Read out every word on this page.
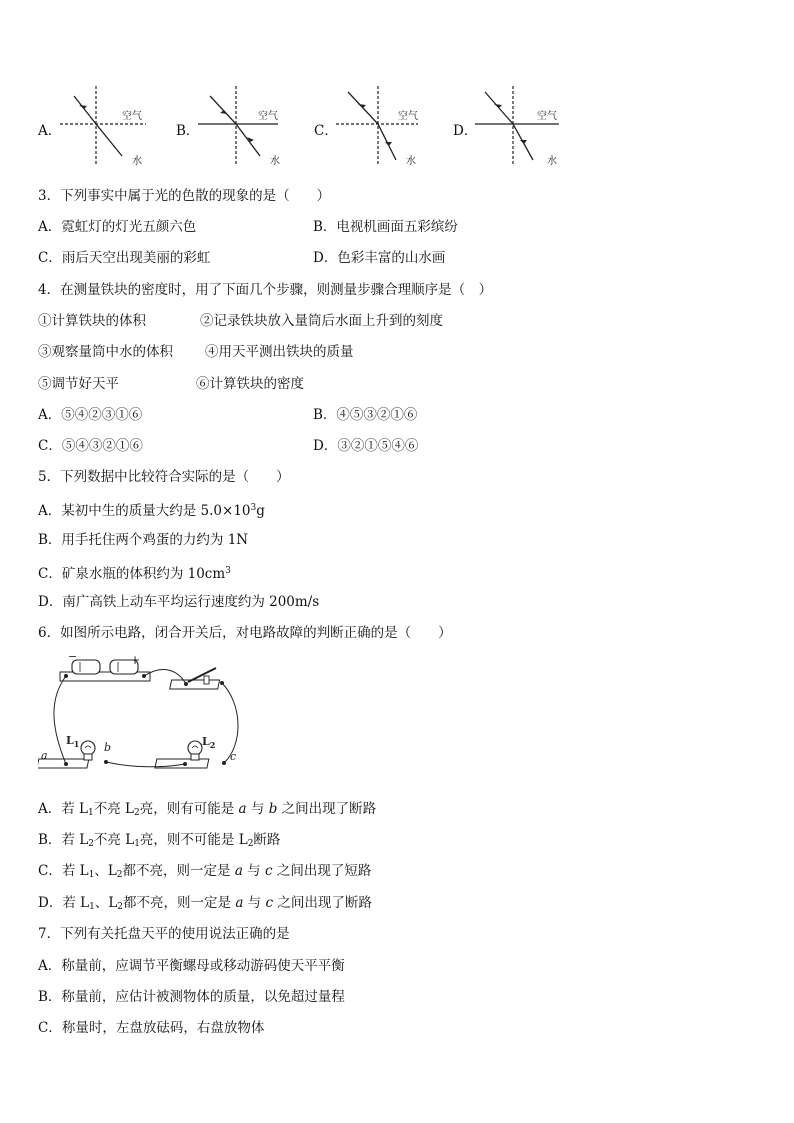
A．
空气
水
B．
空气
水
C．
空气
水
D．
空气
水
3．下列事实中属于光的色散的现象的是（　　）
A．霓虹灯的灯光五颜六色	B．电视机画面五彩缤纷
C．雨后天空出现美丽的彩虹	D．色彩丰富的山水画
4．在测量铁块的密度时，用了下面几个步骤，则测量步骤合理顺序是（　）
①计算铁块的体积	②记录铁块放入量筒后水面上升到的刻度
③观察量筒中水的体积 ④用天平测出铁块的质量
⑤调节好天平	⑥计算铁块的密度
A．⑤④②③①⑥	B．④⑤③②①⑥
C．⑤④③②①⑥	D．③②①⑤④⑥
5．下列数据中比较符合实际的是（　　）
A．某初中生的质量大约是 $5.0\times 10^3g$
B．用手托住两个鸡蛋的力约为 1N
C．矿泉水瓶的体积约为 $10cm^3$
D．南广高铁上动车平均运行速度约为 200m/s
6．如图所示电路，闭合开关后，对电路故障的判断正确的是（　　）
−	+
$L_1$ b	$L_2$
a	c
A．若 $L_1$不亮 $L_2$亮，则有可能是 a 与 b 之间出现了断路
B．若 $L_2$不亮 $L_1$亮，则不可能是 $L_2$断路
C．若 $L_1$、$L_2$都不亮，则一定是 a 与 c 之间出现了短路
D．若 $L_1$、$L_2$都不亮，则一定是 a 与 c 之间出现了断路
7．下列有关托盘天平的使用说法正确的是
A．称量前，应调节平衡螺母或移动游码使天平平衡
B．称量前，应估计被测物体的质量，以免超过量程
C．称量时，左盘放砝码，右盘放物体
